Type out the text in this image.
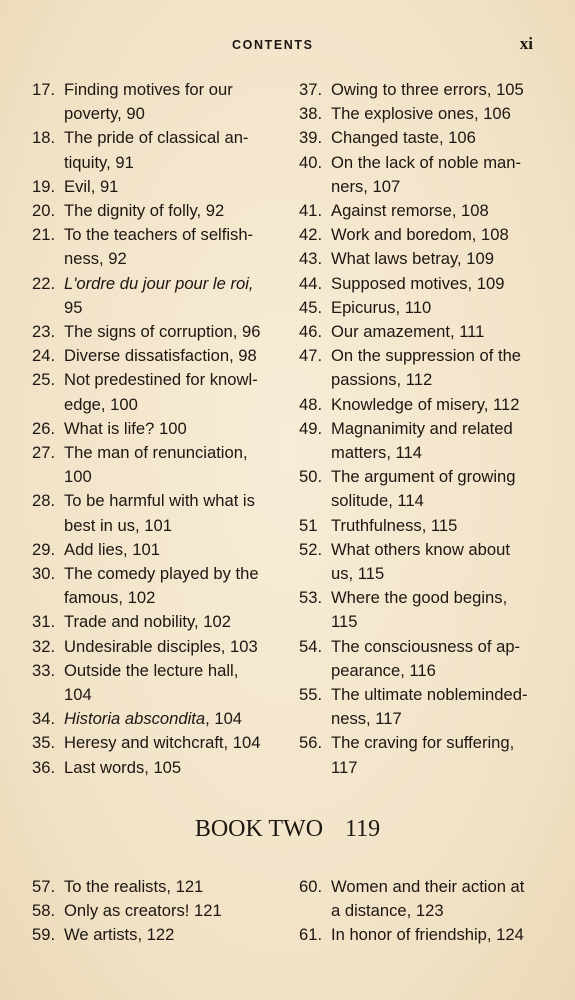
CONTENTS	xi
17. Finding motives for our
poverty, 90
18. The pride of classical an-
tiquity, 91
19. Evil, 91
20. The dignity of folly, 92
21. To the teachers of selfish-
ness, 92
22. L'ordre du jour pour le roi,
95
23. The signs of corruption, 96
24. Diverse dissatisfaction, 98
25. Not predestined for knowl-
edge, 100
26. What is life? 100
27. The man of renunciation,
100
28. To be harmful with what is
best in us, 101
29. Add lies, 101
30. The comedy played by the
famous, 102
31. Trade and nobility, 102
32. Undesirable disciples, 103
33. Outside the lecture hall,
104
34. Historia abscondita, 104
35. Heresy and witchcraft, 104
36. Last words, 105
37. Owing to three errors, 105
38. The explosive ones, 106
39. Changed taste, 106
40. On the lack of noble man-
ners, 107
41. Against remorse, 108
42. Work and boredom, 108
43. What laws betray, 109
44. Supposed motives, 109
45. Epicurus, 110
46. Our amazement, 111
47. On the suppression of the
passions, 112
48. Knowledge of misery, 112
49. Magnanimity and related
matters, 114
50. The argument of growing
solitude, 114
51 Truthfulness, 115
52. What others know about
us, 115
53. Where the good begins,
115
54. The consciousness of ap-
pearance, 116
55. The ultimate nobleminded-
ness, 117
56. The craving for suffering,
117
BOOK TWO 119
57. To the realists, 121
58. Only as creators! 121
59. We artists, 122
60. Women and their action at
a distance, 123
61. In honor of friendship, 124
